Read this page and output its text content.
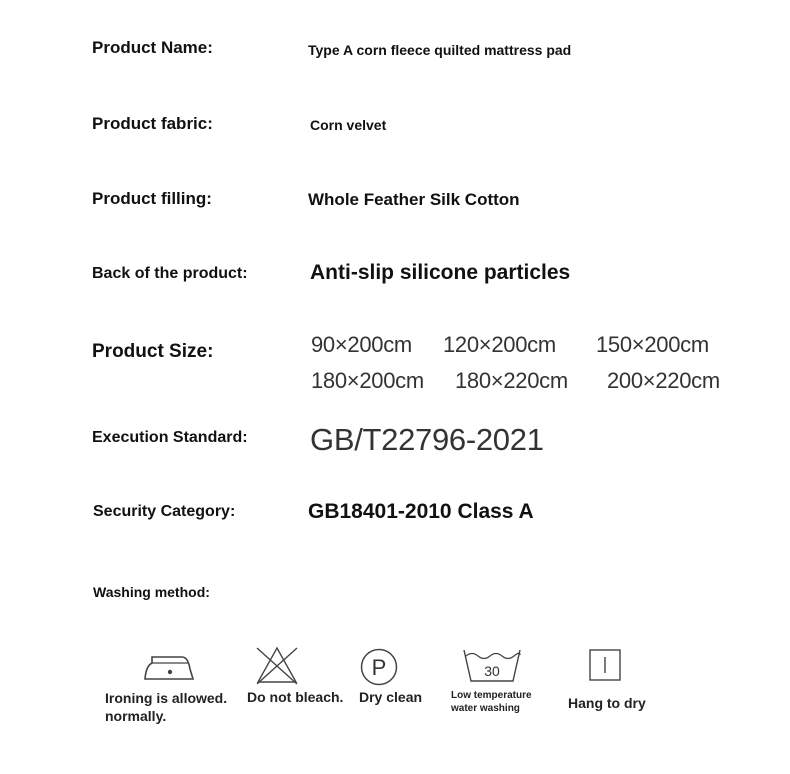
Product Name:	Type A corn fleece quilted mattress pad
Product fabric:	Corn velvet
Product filling:	Whole Feather Silk Cotton
Back of the product:	Anti-slip silicone particles
Product Size:	90×200cm 120×200cm 150×200cm
180×200cm 180×220cm 200×220cm
Execution Standard: GB/T22796-2021
Security Category:	GB18401-2010 Class A
Washing method:
P	30
Ironing is allowed. normally.
Do not bleach. Dry clean	Low temperature
water washing	Hang to dry
